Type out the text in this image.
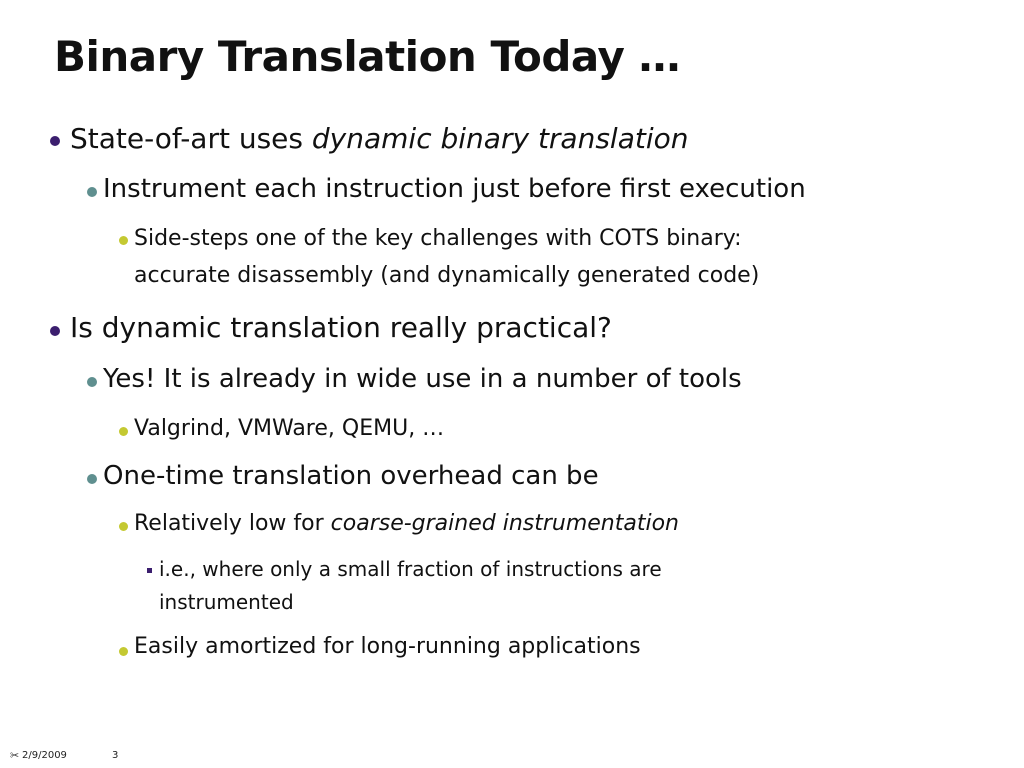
Binary Translation Today …
State-of-art uses dynamic binary translation
Instrument each instruction just before first execution
Side-steps one of the key challenges with COTS binary:
accurate disassembly (and dynamically generated code)
Is dynamic translation really practical?
Yes! It is already in wide use in a number of tools
Valgrind, VMWare, QEMU, …
One-time translation overhead can be
Relatively low for coarse-grained instrumentation
i.e., where only a small fraction of instructions are
instrumented
Easily amortized for long-running applications
✂ 2/9/2009	3
